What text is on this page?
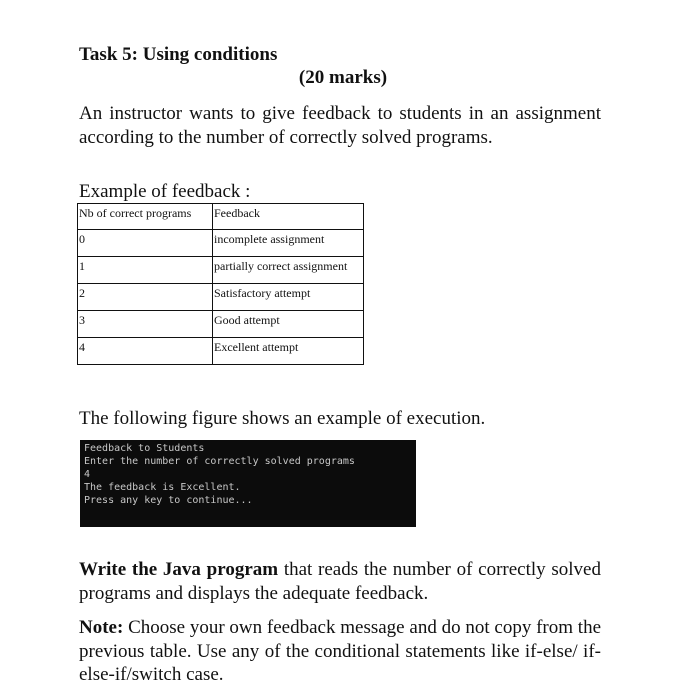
Task 5: Using conditions
(20 marks)

An instructor wants to give feedback to students in an assignment according to the number of correctly solved programs.

Example of feedback :
Nb of correct programs	Feedback
0	incomplete assignment
1	partially correct assignment
2	Satisfactory attempt
3	Good attempt
4	Excellent attempt
The following figure shows an example of execution.
Feedback to Students
Enter the number of correctly solved programs
4
The feedback is Excellent.
Press any key to continue...

Write the Java program that reads the number of correctly solved programs and displays the adequate feedback.

Note: Choose your own feedback message and do not copy from the previous table. Use any of the conditional statements like if-else/ if-else-if/switch case.
